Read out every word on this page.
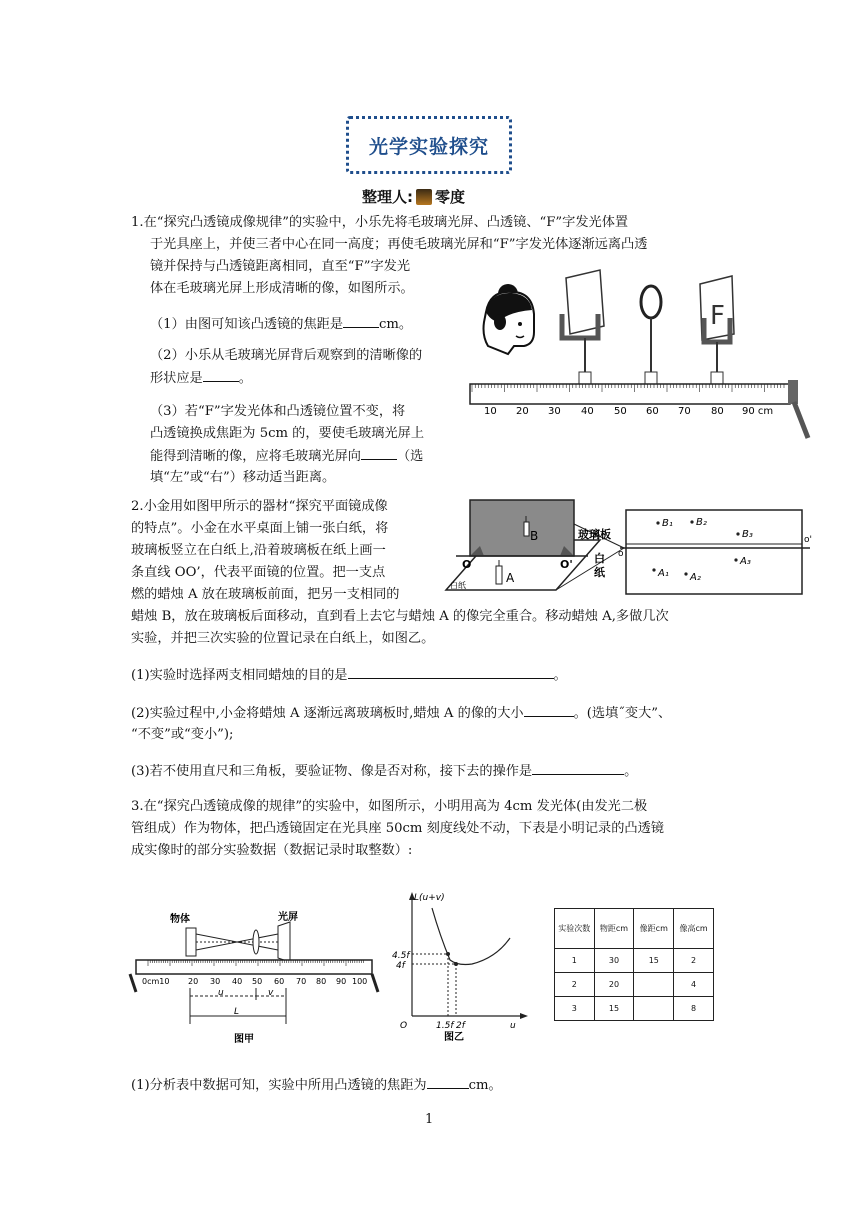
光学实验探究
整理人: 零度
1.在“探究凸透镜成像规律”的实验中，小乐先将毛玻璃光屏、凸透镜、“F”字发光体置
于光具座上，并使三者中心在同一高度；再使毛玻璃光屏和“F”字发光体逐渐远离凸透
镜并保持与凸透镜距离相同，直至“F”字发光
体在毛玻璃光屏上形成清晰的像，如图所示。
（1）由图可知该凸透镜的焦距是	cm。
（2）小乐从毛玻璃光屏背后观察到的清晰像的
形状应是	。
（3）若“F”字发光体和凸透镜位置不变，将
凸透镜换成焦距为 5cm 的，要使毛玻璃光屏上
能得到清晰的像，应将毛玻璃光屏向	（选
填“左”或“右”）移动适当距离。
F
10 20 30 40 50 60 70 80 90 cm
2.小金用如图甲所示的器材“探究平面镜成像
的特点”。小金在水平桌面上铺一张白纸，将
玻璃板竖立在白纸上,沿着玻璃板在纸上画一
条直线 OO’，代表平面镜的位置。把一支点
燃的蜡烛 A 放在玻璃板前面，把另一支相同的
蜡烛 B，放在玻璃板后面移动，直到看上去它与蜡烛 A 的像完全重合。移动蜡烛 A,多做几次
实验，并把三次实验的位置记录在白纸上，如图乙。
(1)实验时选择两支相同蜡烛的目的是	。
(2)实验过程中,小金将蜡烛 A 逐渐远离玻璃板时,蜡烛 A 的像的大小	。(选填˝变大”、
“不变”或“变小”);
(3)若不使用直尺和三角板，要验证物、像是否对称，接下去的操作是	。
B
A
O	O'
白纸
玻璃板
白
纸
o
o'
B₁ B₂
B₃
A₁ A₂
A₃
3.在“探究凸透镜成像的规律”的实验中，如图所示，小明用高为 4cm 发光体(由发光二极
管组成）作为物体，把凸透镜固定在光具座 50cm 刻度线处不动，下表是小明记录的凸透镜
成实像时的部分实验数据（数据记录时取整数）:
物体	光屏
0cm10 20 30 40 50 60 70 80 90 100
u	v
L
图甲
L(u+v)
4.5f
4f
O	1.5f 2f	u
图乙
实验次数	物距cm	像距cm	像高cm
1	30	15	2
2	20		4
3	15		8
(1)分析表中数据可知，实验中所用凸透镜的焦距为	cm。
1
